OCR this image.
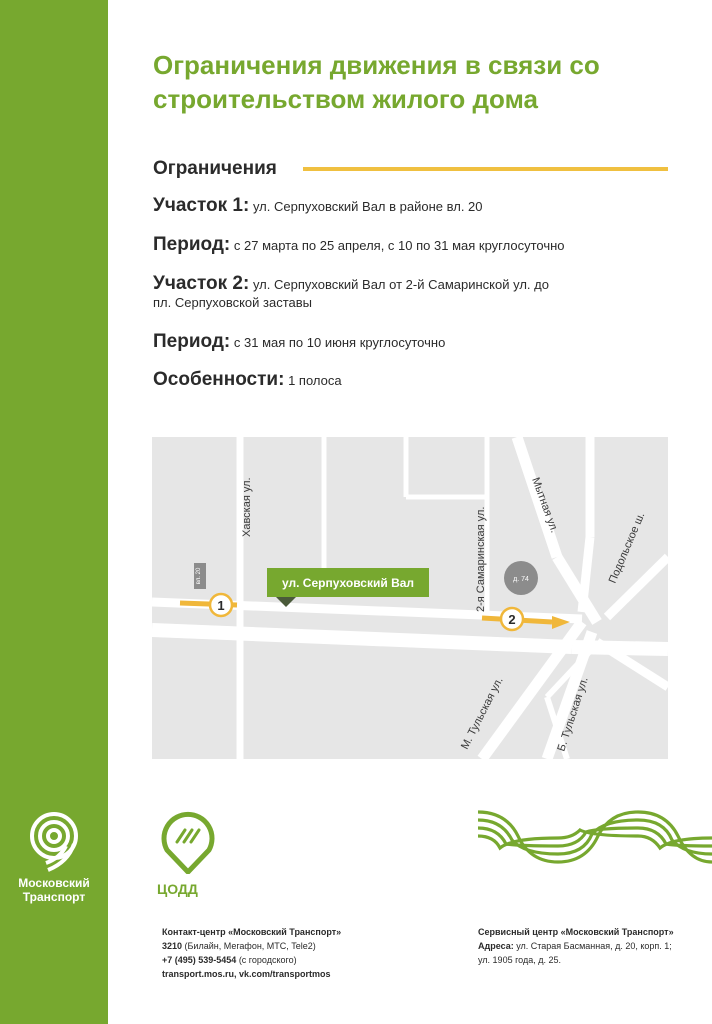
Московский
Транспорт
Ограничения движения в связи со строительством жилого дома
Ограничения
Участок 1: ул. Серпуховский Вал в районе вл. 20
Период: с 27 марта по 25 апреля, с 10 по 31 мая круглосуточно
Участок 2: ул. Серпуховский Вал от 2-й Самаринской ул. до
пл. Серпуховской заставы
Период: с 31 мая по 10 июня круглосуточно
Особенности: 1 полоса
вл. 20	д. 74
1
2
ул. Серпуховский Вал
Хавская ул.	2-я Самаринская ул.
Мытная ул.
Подольское ш.
М. Тульская ул.	Б. Тульская ул.
ЦОДД
Контакт-центр «Московский Транспорт»
3210 (Билайн, Мегафон, МТС, Tele2)
+7 (495) 539-5454 (с городского)
transport.mos.ru, vk.com/transportmos
Сервисный центр «Московский Транспорт»
Адреса: ул. Старая Басманная, д. 20, корп. 1;
ул. 1905 года, д. 25.
